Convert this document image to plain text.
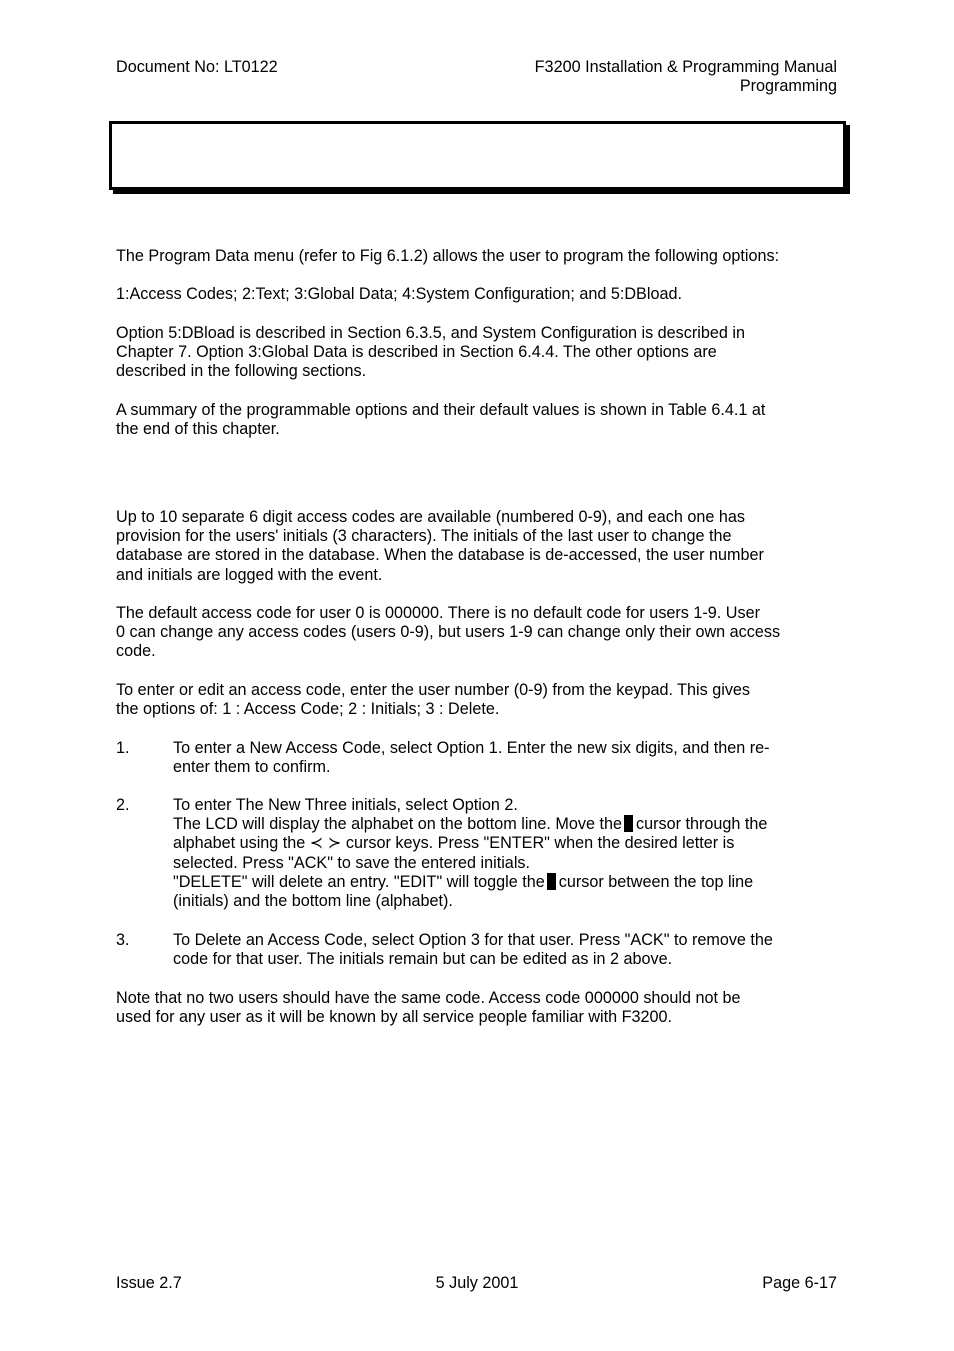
Document No: LT0122	F3200 Installation & Programming Manual
Programming
The Program Data menu (refer to Fig 6.1.2) allows the user to program the following options:
1:Access Codes; 2:Text; 3:Global Data; 4:System Configuration; and 5:DBload.
Option 5:DBload is described in Section 6.3.5, and System Configuration is described in
Chapter 7. Option 3:Global Data is described in Section 6.4.4. The other options are
described in the following sections.
A summary of the programmable options and their default values is shown in Table 6.4.1 at
the end of this chapter.
Up to 10 separate 6 digit access codes are available (numbered 0-9), and each one has
provision for the users' initials (3 characters). The initials of the last user to change the
database are stored in the database. When the database is de-accessed, the user number
and initials are logged with the event.
The default access code for user 0 is 000000. There is no default code for users 1-9. User
0 can change any access codes (users 0-9), but users 1-9 can change only their own access
code.
To enter or edit an access code, enter the user number (0-9) from the keypad. This gives
the options of: 1 : Access Code; 2 : Initials; 3 : Delete.
1.	To enter a New Access Code, select Option 1. Enter the new six digits, and then re-
enter them to confirm.
2.	To enter The New Three initials, select Option 2.
The LCD will display the alphabet on the bottom line. Move the cursor through the
alphabet using the ≺ ≻ cursor keys. Press "ENTER" when the desired letter is
selected. Press "ACK" to save the entered initials.
"DELETE" will delete an entry. "EDIT" will toggle the cursor between the top line
(initials) and the bottom line (alphabet).
3.	To Delete an Access Code, select Option 3 for that user. Press "ACK" to remove the
code for that user. The initials remain but can be edited as in 2 above.
Note that no two users should have the same code. Access code 000000 should not be
used for any user as it will be known by all service people familiar with F3200.
Issue 2.7	5 July 2001	Page 6-17
